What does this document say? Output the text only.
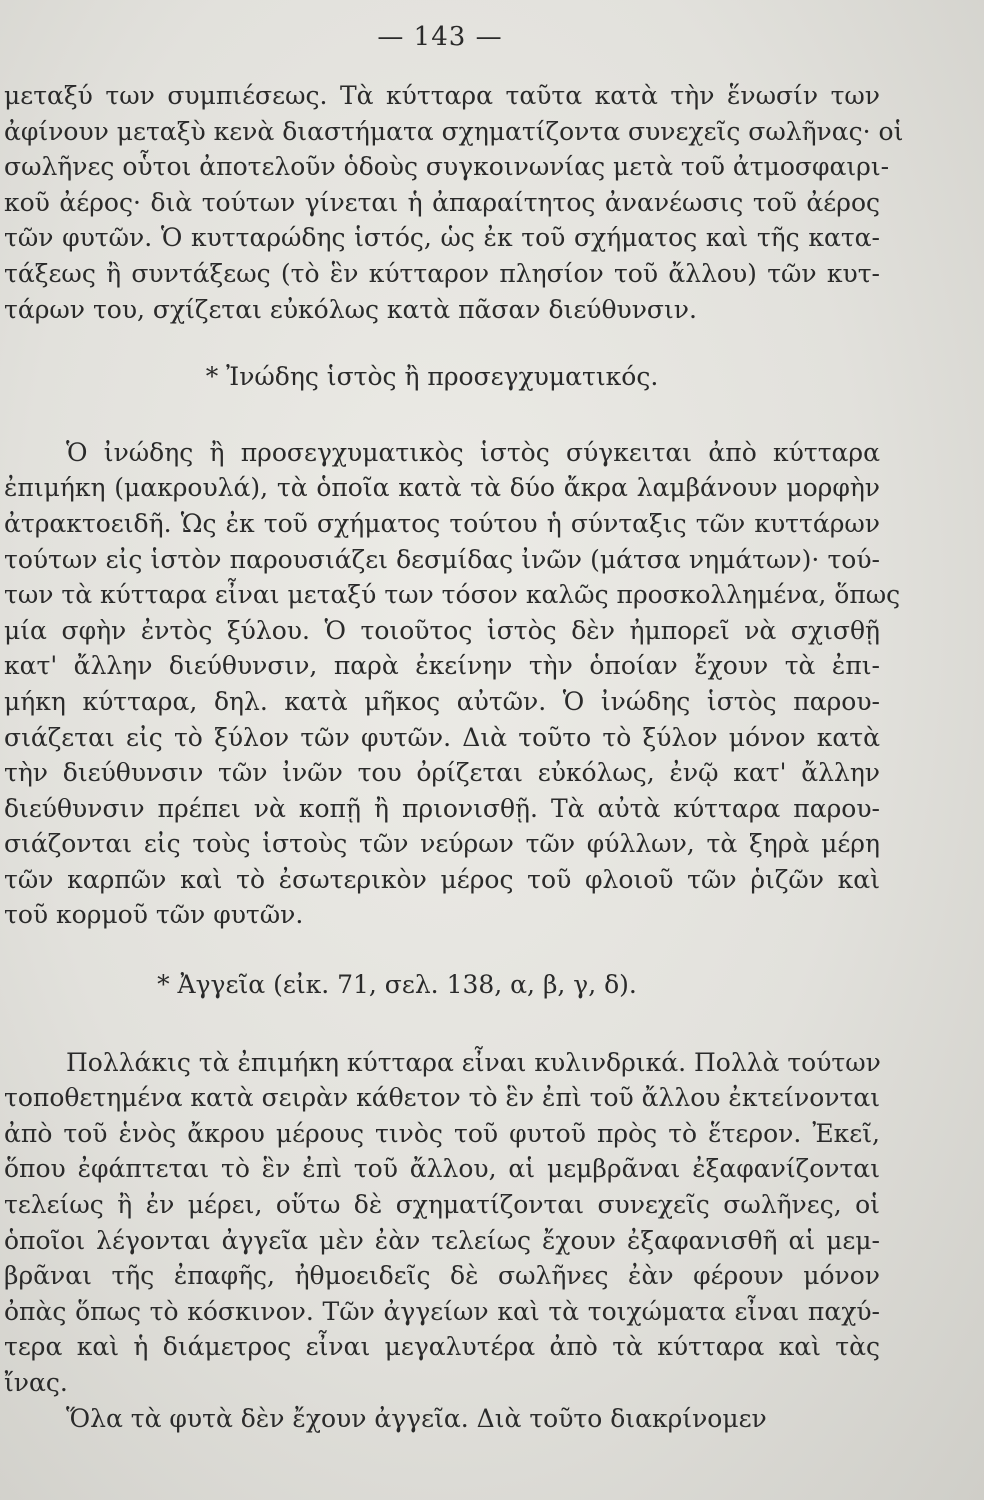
— 143 —
μεταξύ των συμπιέσεως. Τὰ κύτταρα ταῦτα κατὰ τὴν ἕνωσίν των
ἀφίνουν μεταξὺ κενὰ διαστήματα σχηματίζοντα συνεχεῖς σωλῆνας· οἱ
σωλῆνες οὗτοι ἀποτελοῦν ὁδοὺς συγκοινωνίας μετὰ τοῦ ἀτμοσφαιρι-
κοῦ ἀέρος· διὰ τούτων γίνεται ἡ ἀπαραίτητος ἀνανέωσις τοῦ ἀέρος
τῶν φυτῶν. Ὁ κυτταρώδης ἱστός, ὡς ἐκ τοῦ σχήματος καὶ τῆς κατα-
τάξεως ἢ συντάξεως (τὸ ἓν κύτταρον πλησίον τοῦ ἄλλου) τῶν κυτ-
τάρων του, σχίζεται εὐκόλως κατὰ πᾶσαν διεύθυνσιν.
* Ἰνώδης ἱστὸς ἢ προσεγχυματικός.
Ὁ ἰνώδης ἢ προσεγχυματικὸς ἱστὸς σύγκειται ἀπὸ κύτταρα
ἐπιμήκη (μακρουλά), τὰ ὁποῖα κατὰ τὰ δύο ἄκρα λαμβάνουν μορφὴν
ἀτρακτοειδῆ. Ὡς ἐκ τοῦ σχήματος τούτου ἡ σύνταξις τῶν κυττάρων
τούτων εἰς ἱστὸν παρουσιάζει δεσμίδας ἰνῶν (μάτσα νημάτων)· τού-
των τὰ κύτταρα εἶναι μεταξύ των τόσον καλῶς προσκολλημένα, ὅπως
μία σφὴν ἐντὸς ξύλου. Ὁ τοιοῦτος ἱστὸς δὲν ἠμπορεῖ νὰ σχισθῇ
κατ' ἄλλην διεύθυνσιν, παρὰ ἐκείνην τὴν ὁποίαν ἔχουν τὰ ἐπι-
μήκη κύτταρα, δηλ. κατὰ μῆκος αὐτῶν. Ὁ ἰνώδης ἱστὸς παρου-
σιάζεται εἰς τὸ ξύλον τῶν φυτῶν. Διὰ τοῦτο τὸ ξύλον μόνον κατὰ
τὴν διεύθυνσιν τῶν ἰνῶν του ὀρίζεται εὐκόλως, ἐνῷ κατ' ἄλλην
διεύθυνσιν πρέπει νὰ κοπῇ ἢ πριονισθῇ. Τὰ αὐτὰ κύτταρα παρου-
σιάζονται εἰς τοὺς ἱστοὺς τῶν νεύρων τῶν φύλλων, τὰ ξηρὰ μέρη
τῶν καρπῶν καὶ τὸ ἐσωτερικὸν μέρος τοῦ φλοιοῦ τῶν ῥιζῶν καὶ
τοῦ κορμοῦ τῶν φυτῶν.
* Ἀγγεῖα (εἰκ. 71, σελ. 138, α, β, γ, δ).
Πολλάκις τὰ ἐπιμήκη κύτταρα εἶναι κυλινδρικά. Πολλὰ τούτων
τοποθετημένα κατὰ σειρὰν κάθετον τὸ ἓν ἐπὶ τοῦ ἄλλου ἐκτείνονται
ἀπὸ τοῦ ἑνὸς ἄκρου μέρους τινὸς τοῦ φυτοῦ πρὸς τὸ ἕτερον. Ἐκεῖ,
ὅπου ἐφάπτεται τὸ ἓν ἐπὶ τοῦ ἄλλου, αἱ μεμβρᾶναι ἐξαφανίζονται
τελείως ἢ ἐν μέρει, οὕτω δὲ σχηματίζονται συνεχεῖς σωλῆνες, οἱ
ὁποῖοι λέγονται ἀγγεῖα μὲν ἐὰν τελείως ἔχουν ἐξαφανισθῆ αἱ μεμ-
βρᾶναι τῆς ἐπαφῆς, ἠθμοειδεῖς δὲ σωλῆνες ἐὰν φέρουν μόνον
ὀπὰς ὅπως τὸ κόσκινον. Τῶν ἀγγείων καὶ τὰ τοιχώματα εἶναι παχύ-
τερα καὶ ἡ διάμετρος εἶναι μεγαλυτέρα ἀπὸ τὰ κύτταρα καὶ τὰς
ἴνας.
Ὅλα τὰ φυτὰ δὲν ἔχουν ἀγγεῖα. Διὰ τοῦτο διακρίνομεν
